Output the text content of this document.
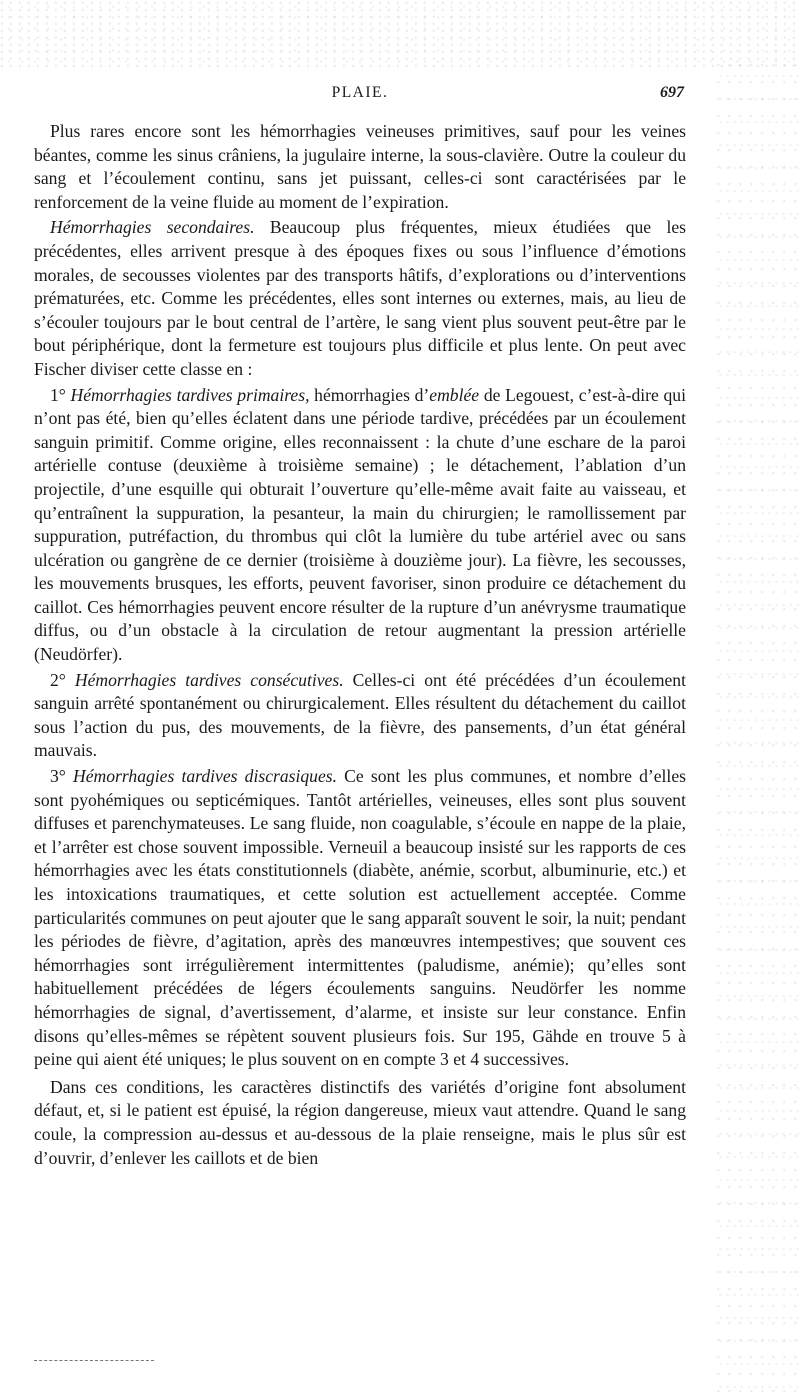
PLAIE.	697

Plus rares encore sont les hémorrhagies veineuses primitives, sauf pour les veines béantes, comme les sinus crâniens, la jugulaire interne, la sous-clavière. Outre la couleur du sang et l’écoulement continu, sans jet puissant, celles-ci sont caractérisées par le renforcement de la veine fluide au moment de l’expiration.

Hémorrhagies secondaires. Beaucoup plus fréquentes, mieux étudiées que les précédentes, elles arrivent presque à des époques fixes ou sous l’influence d’émotions morales, de secousses violentes par des transports hâtifs, d’explorations ou d’interventions prématurées, etc. Comme les précédentes, elles sont internes ou externes, mais, au lieu de s’écouler toujours par le bout central de l’artère, le sang vient plus souvent peut-être par le bout périphérique, dont la fermeture est toujours plus difficile et plus lente. On peut avec Fischer diviser cette classe en :

1° Hémorrhagies tardives primaires, hémorrhagies d’emblée de Legouest, c’est-à-dire qui n’ont pas été, bien qu’elles éclatent dans une période tardive, précédées par un écoulement sanguin primitif. Comme origine, elles reconnaissent : la chute d’une eschare de la paroi artérielle contuse (deuxième à troisième semaine) ; le détachement, l’ablation d’un projectile, d’une esquille qui obturait l’ouverture qu’elle-même avait faite au vaisseau, et qu’entraînent la suppuration, la pesanteur, la main du chirurgien; le ramollissement par suppuration, putréfaction, du thrombus qui clôt la lumière du tube artériel avec ou sans ulcération ou gangrène de ce dernier (troisième à douzième jour). La fièvre, les secousses, les mouvements brusques, les efforts, peuvent favoriser, sinon produire ce détachement du caillot. Ces hémorrhagies peuvent encore résulter de la rupture d’un anévrysme traumatique diffus, ou d’un obstacle à la circulation de retour augmentant la pression artérielle (Neudörfer).

2° Hémorrhagies tardives consécutives. Celles-ci ont été précédées d’un écoulement sanguin arrêté spontanément ou chirurgicalement. Elles résultent du détachement du caillot sous l’action du pus, des mouvements, de la fièvre, des pansements, d’un état général mauvais.

3° Hémorrhagies tardives discrasiques. Ce sont les plus communes, et nombre d’elles sont pyohémiques ou septicémiques. Tantôt artérielles, veineuses, elles sont plus souvent diffuses et parenchymateuses. Le sang fluide, non coagulable, s’écoule en nappe de la plaie, et l’arrêter est chose souvent impossible. Verneuil a beaucoup insisté sur les rapports de ces hémorrhagies avec les états constitutionnels (diabète, anémie, scorbut, albuminurie, etc.) et les intoxications traumatiques, et cette solution est actuellement acceptée. Comme particularités communes on peut ajouter que le sang apparaît souvent le soir, la nuit; pendant les périodes de fièvre, d’agitation, après des manœuvres intempestives; que souvent ces hémorrhagies sont irrégulièrement intermittentes (paludisme, anémie); qu’elles sont habituellement précédées de légers écoulements sanguins. Neudörfer les nomme hémorrhagies de signal, d’avertissement, d’alarme, et insiste sur leur constance. Enfin disons qu’elles-mêmes se répètent souvent plusieurs fois. Sur 195, Gähde en trouve 5 à peine qui aient été uniques; le plus souvent on en compte 3 et 4 successives.

Dans ces conditions, les caractères distinctifs des variétés d’origine font absolument défaut, et, si le patient est épuisé, la région dangereuse, mieux vaut attendre. Quand le sang coule, la compression au-dessus et au-dessous de la plaie renseigne, mais le plus sûr est d’ouvrir, d’enlever les caillots et de bien
